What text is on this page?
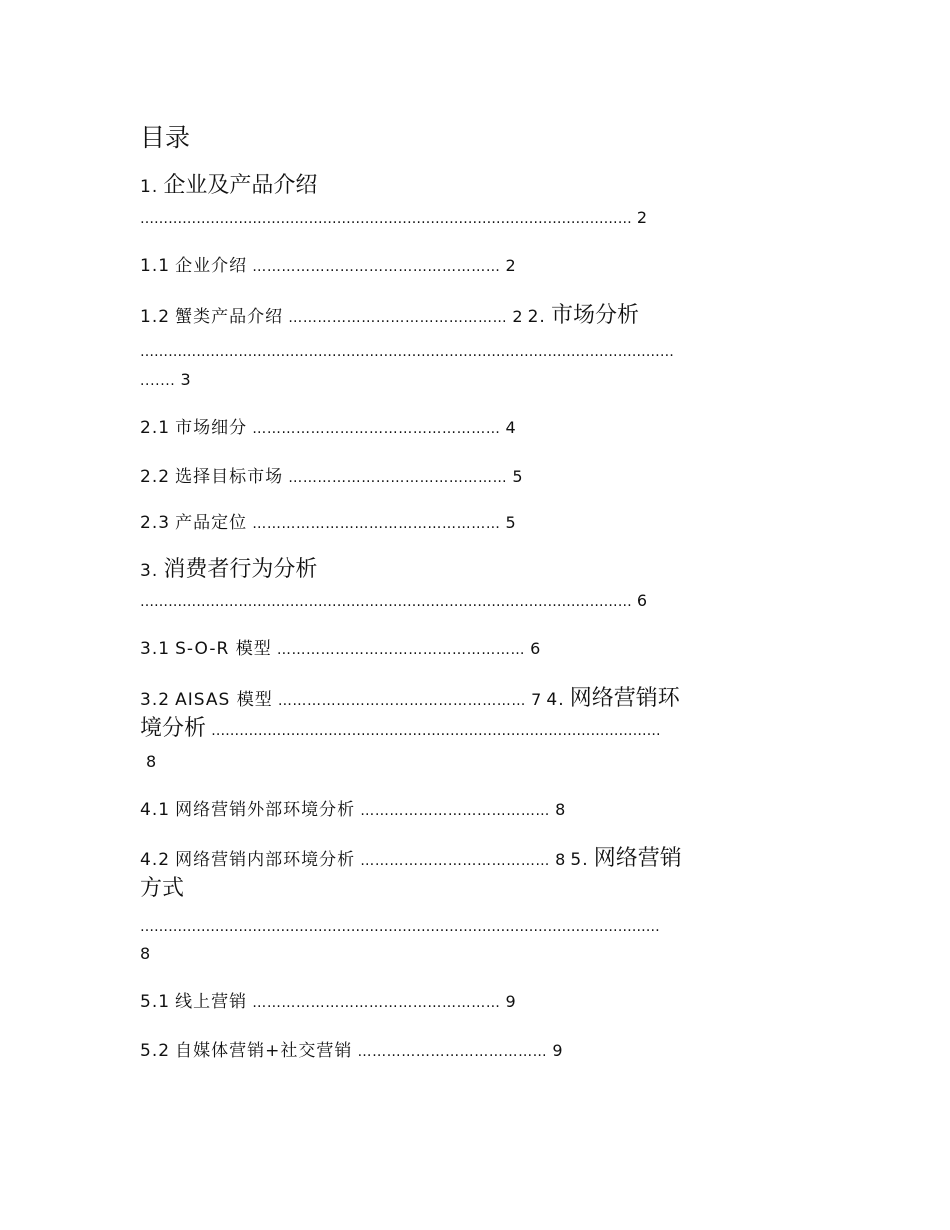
目录
1. 企业及产品介绍
…………………………………………………………………………………………… 2
1.1 企业介绍 …………………………………………… 2
1.2 蟹类产品介绍 ……………………………………… 2 2. 市场分析
……………………………………………………………………………………………………
....... 3
2.1 市场细分 …………………………………………… 4
2.2 选择目标市场 ……………………………………… 5
2.3 产品定位 …………………………………………… 5
3. 消费者行为分析
…………………………………………………………………………………………… 6
3.1 S-O-R 模型 …………………………………………… 6
3.2 AISAS 模型 …………………………………………… 7 4. 网络营销环
境分析 ……………………………………………………………………………………
8
4.1 网络营销外部环境分析 ………………………………… 8
4.2 网络营销内部环境分析 ………………………………… 8 5. 网络营销
方式
…………………………………………………………………………………………………
8
5.1 线上营销 …………………………………………… 9
5.2 自媒体营销+社交营销 ………………………………… 9
